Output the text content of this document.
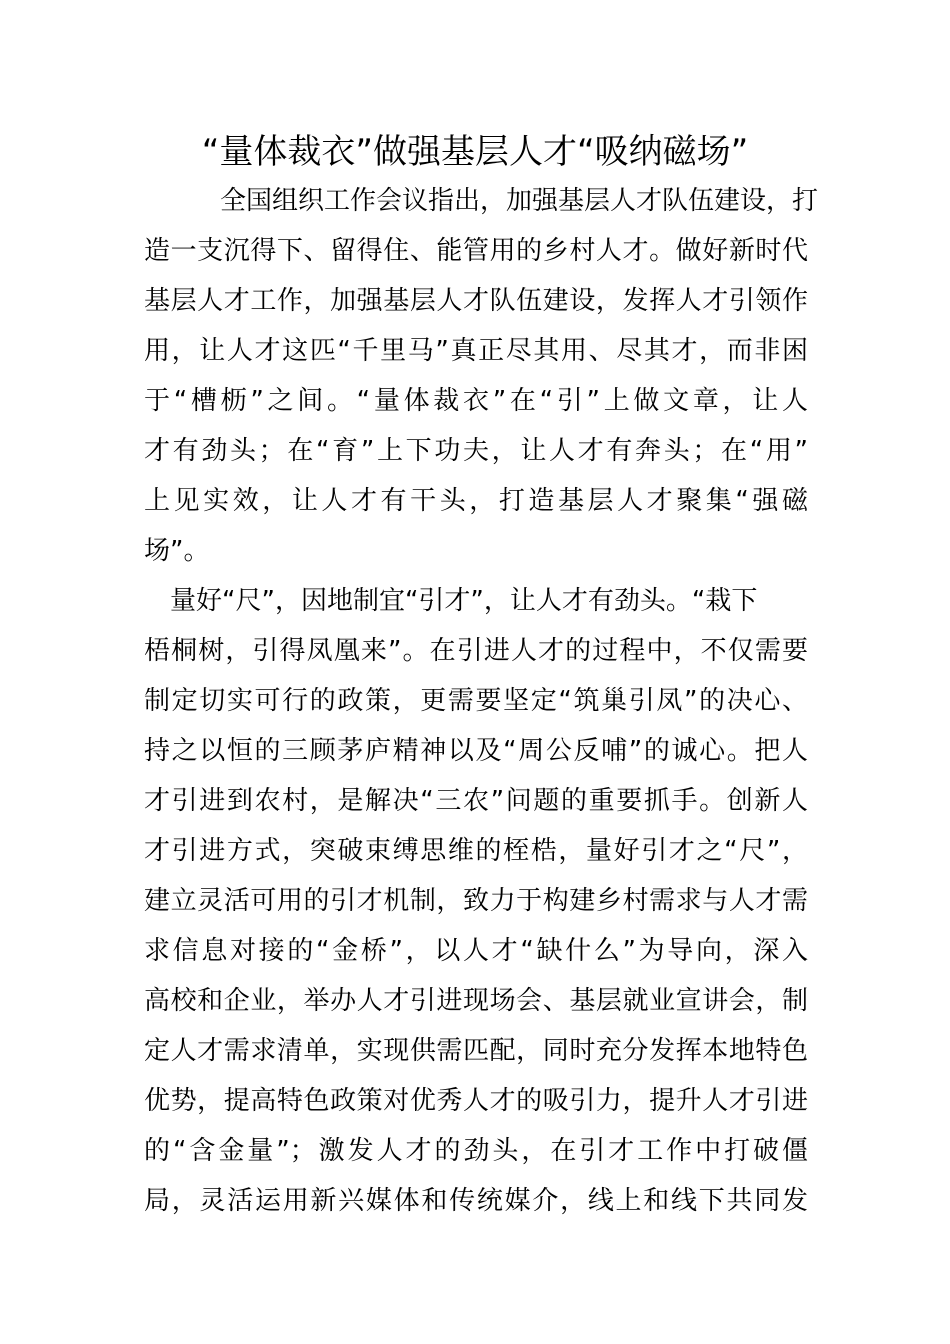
“量体裁衣”做强基层人才“吸纳磁场”
全国组织工作会议指出，加强基层人才队伍建设，打
造一支沉得下、留得住、能管用的乡村人才。做好新时代
基层人才工作，加强基层人才队伍建设，发挥人才引领作
用，让人才这匹“千里马”真正尽其用、尽其才，而非困
于“槽枥”之间。“量体裁衣”在“引”上做文章，让人
才有劲头；在“育”上下功夫，让人才有奔头；在“用”
上见实效，让人才有干头，打造基层人才聚集“强磁
场”。
量好“尺”，因地制宜“引才”，让人才有劲头。“栽下
梧桐树，引得凤凰来”。在引进人才的过程中，不仅需要
制定切实可行的政策，更需要坚定“筑巢引凤”的决心、
持之以恒的三顾茅庐精神以及“周公反哺”的诚心。把人
才引进到农村，是解决“三农”问题的重要抓手。创新人
才引进方式，突破束缚思维的桎梏，量好引才之“尺”，
建立灵活可用的引才机制，致力于构建乡村需求与人才需
求信息对接的“金桥”，以人才“缺什么”为导向，深入
高校和企业，举办人才引进现场会、基层就业宣讲会，制
定人才需求清单，实现供需匹配，同时充分发挥本地特色
优势，提高特色政策对优秀人才的吸引力，提升人才引进
的“含金量”；激发人才的劲头，在引才工作中打破僵
局，灵活运用新兴媒体和传统媒介，线上和线下共同发
